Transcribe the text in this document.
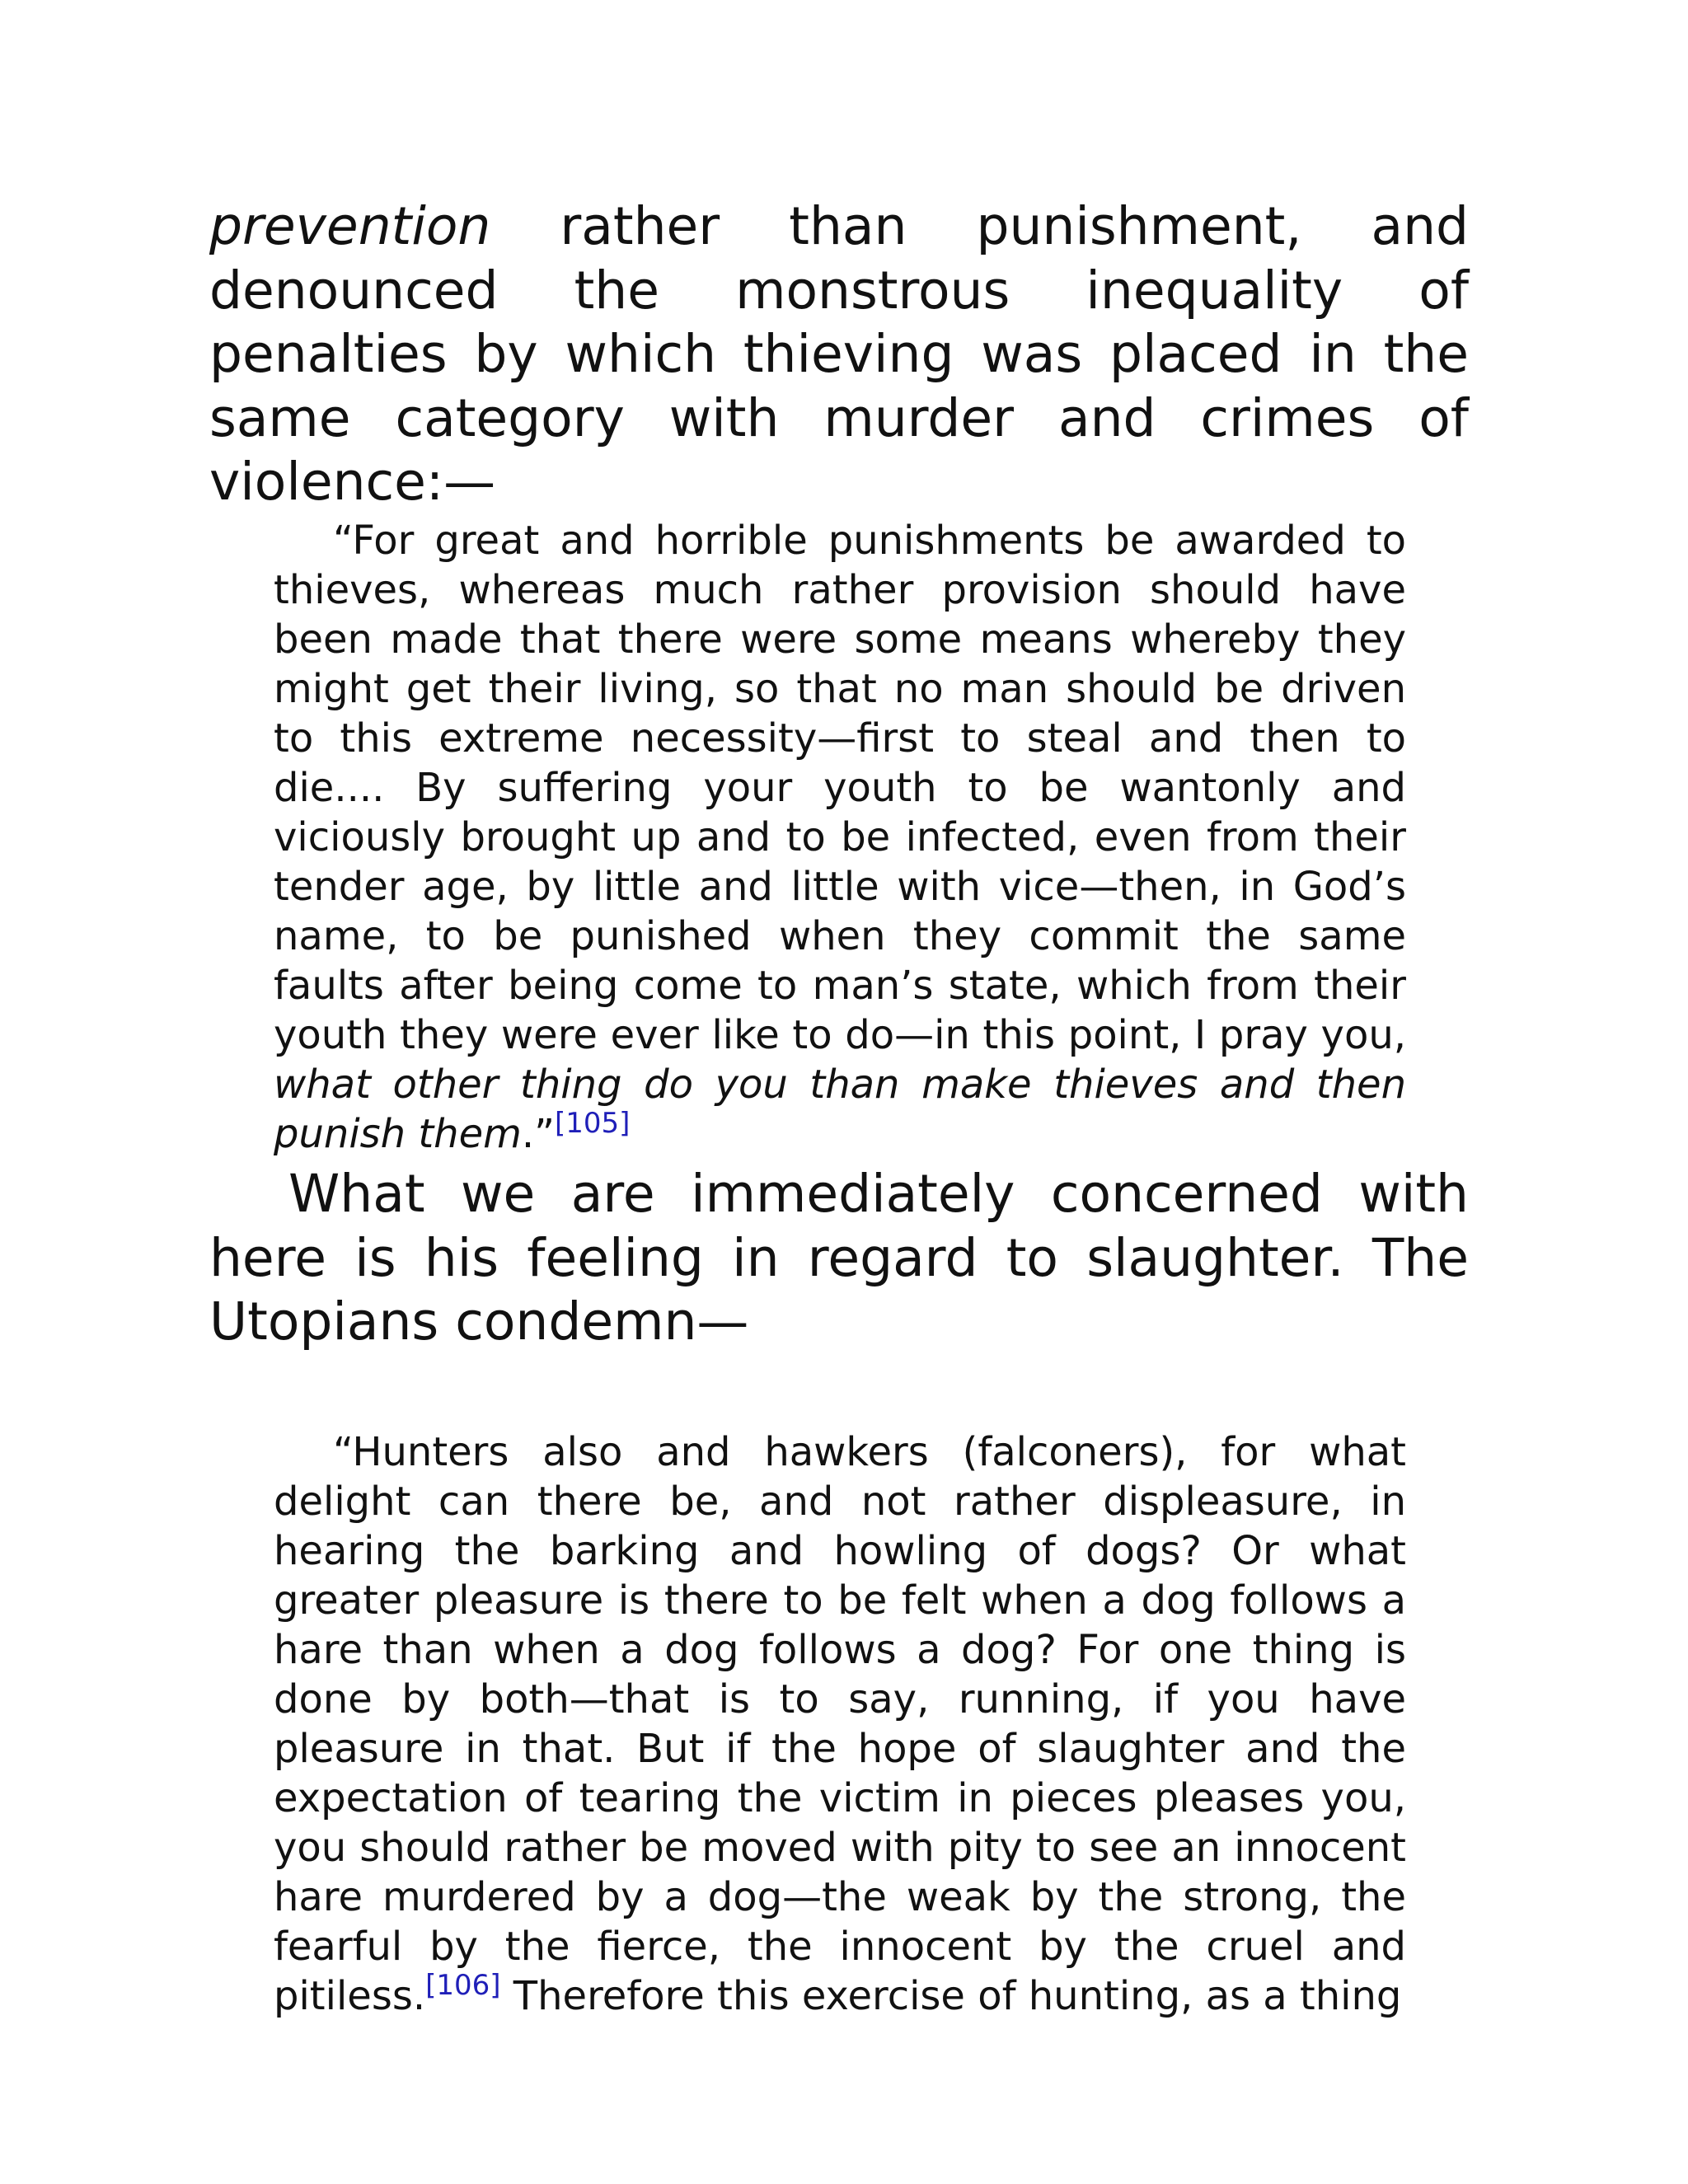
prevention rather than punishment, and denounced the monstrous inequality of penalties by which thieving was placed in the same category with murder and crimes of violence:—

“For great and horrible punishments be awarded to thieves, whereas much rather provision should have been made that there were some means whereby they might get their living, so that no man should be driven to this extreme necessity—first to steal and then to die.... By suffering your youth to be wantonly and viciously brought up and to be infected, even from their tender age, by little and little with vice—then, in God’s name, to be punished when they commit the same faults after being come to man’s state, which from their youth they were ever like to do—in this point, I pray you, what other thing do you than make thieves and then punish them.”[105]

What we are immediately concerned with here is his feeling in regard to slaughter. The Utopians condemn—

“Hunters also and hawkers (falconers), for what delight can there be, and not rather displeasure, in hearing the barking and howling of dogs? Or what greater pleasure is there to be felt when a dog follows a hare than when a dog follows a dog? For one thing is done by both—that is to say, running, if you have pleasure in that. But if the hope of slaughter and the expectation of tearing the victim in pieces pleases you, you should rather be moved with pity to see an innocent hare murdered by a dog—the weak by the strong, the fearful by the fierce, the innocent by the cruel and pitiless.[106] Therefore this exercise of hunting, as a thing
